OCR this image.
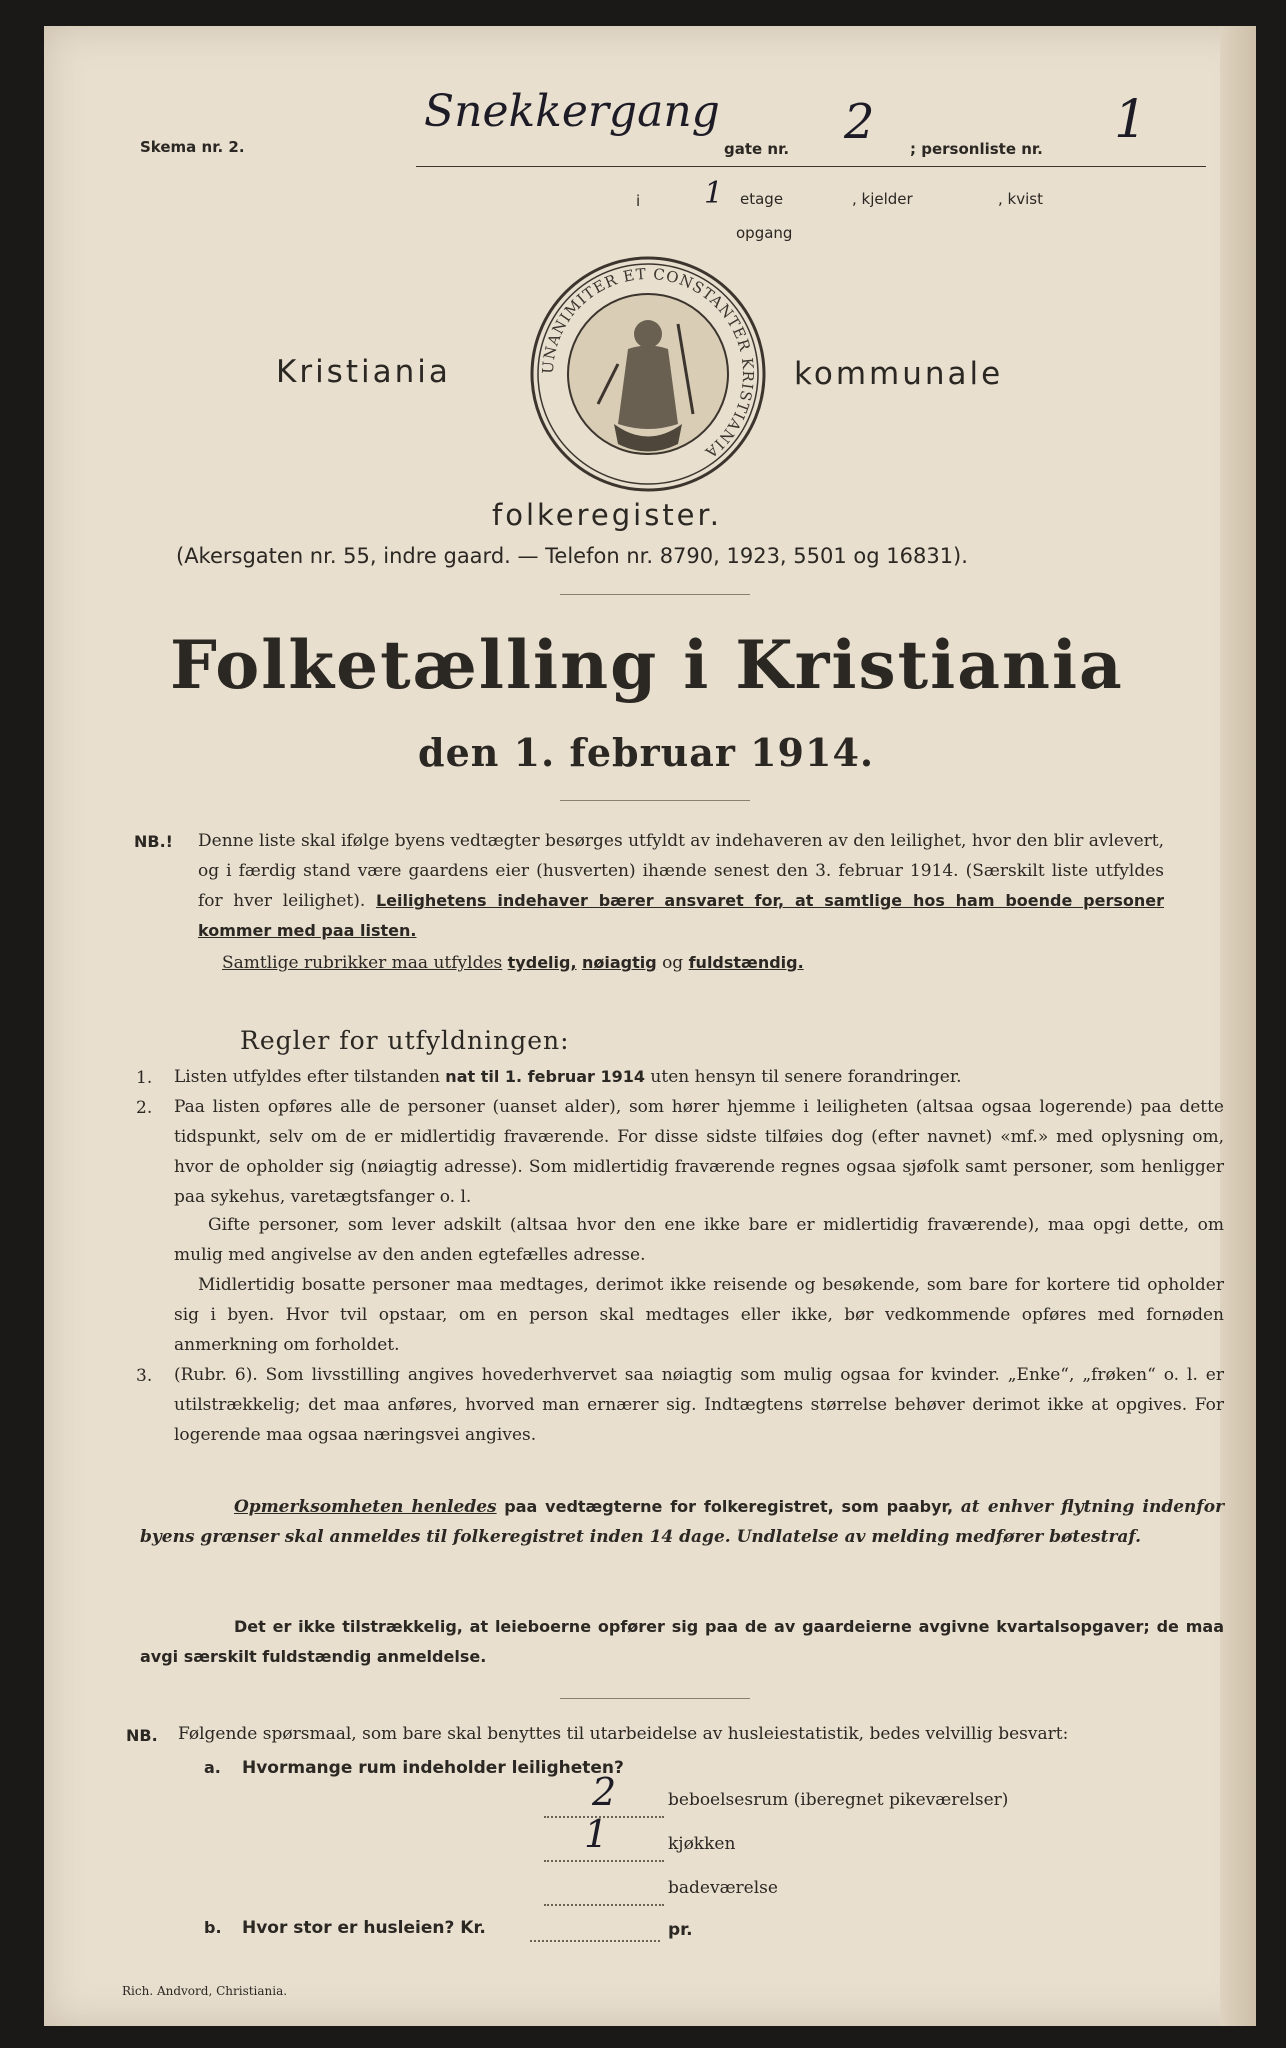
Skema nr. 2.
Snekkergang
gate nr. 2 ; personliste nr. 1
i 1 etage	, kjelder	, kvist
opgang
Kristiania	kommunale
UNANIMITER ET CONSTANTER KRISTIANIA
folkeregister.
(Akersgaten nr. 55, indre gaard. — Telefon nr. 8790, 1923, 5501 og 16831).
Folketælling i Kristiania
den 1. februar 1914.
NB.! Denne liste skal ifølge byens vedtægter besørges utfyldt av indehaveren av den leilighet, hvor den blir avlevert, og i færdig stand være gaardens eier (husverten) ihænde senest den 3. februar 1914. (Særskilt liste utfyldes for hver leilighet). Leilighetens indehaver bærer ansvaret for, at samtlige hos ham boende personer kommer med paa listen.
Samtlige rubrikker maa utfyldes tydelig, nøiagtig og fuldstændig.
Regler for utfyldningen:
1. Listen utfyldes efter tilstanden nat til 1. februar 1914 uten hensyn til senere forandringer.
2. Paa listen opføres alle de personer (uanset alder), som hører hjemme i leiligheten (altsaa ogsaa logerende) paa dette tidspunkt, selv om de er midlertidig fraværende. For disse sidste tilføies dog (efter navnet) «mf.» med oplysning om, hvor de opholder sig (nøiagtig adresse). Som midlertidig fraværende regnes ogsaa sjøfolk samt personer, som henligger paa sykehus, varetægtsfanger o. l.
Gifte personer, som lever adskilt (altsaa hvor den ene ikke bare er midlertidig fraværende), maa opgi dette, om mulig med angivelse av den anden egtefælles adresse.
Midlertidig bosatte personer maa medtages, derimot ikke reisende og besøkende, som bare for kortere tid opholder sig i byen. Hvor tvil opstaar, om en person skal medtages eller ikke, bør vedkommende opføres med fornøden anmerkning om forholdet.
3. (Rubr. 6). Som livsstilling angives hovederhvervet saa nøiagtig som mulig ogsaa for kvinder. „Enke“, „frøken“ o. l. er utilstrækkelig; det maa anføres, hvorved man ernærer sig. Indtægtens størrelse behøver derimot ikke at opgives. For logerende maa ogsaa næringsvei angives.
Opmerksomheten henledes paa vedtægterne for folkeregistret, som paabyr, at enhver flytning indenfor byens grænser skal anmeldes til folkeregistret inden 14 dage. Undlatelse av melding medfører bøtestraf.
Det er ikke tilstrækkelig, at leieboerne opfører sig paa de av gaardeierne avgivne kvartalsopgaver; de maa avgi særskilt fuldstændig anmeldelse.
NB. Følgende spørsmaal, som bare skal benyttes til utarbeidelse av husleiestatistik, bedes velvillig besvart:
a. Hvormange rum indeholder leiligheten?
2	beboelsesrum (iberegnet pikeværelser)
1	kjøkken
badeværelse
b. Hvor stor er husleien? Kr.	pr.
Rich. Andvord, Christiania.
